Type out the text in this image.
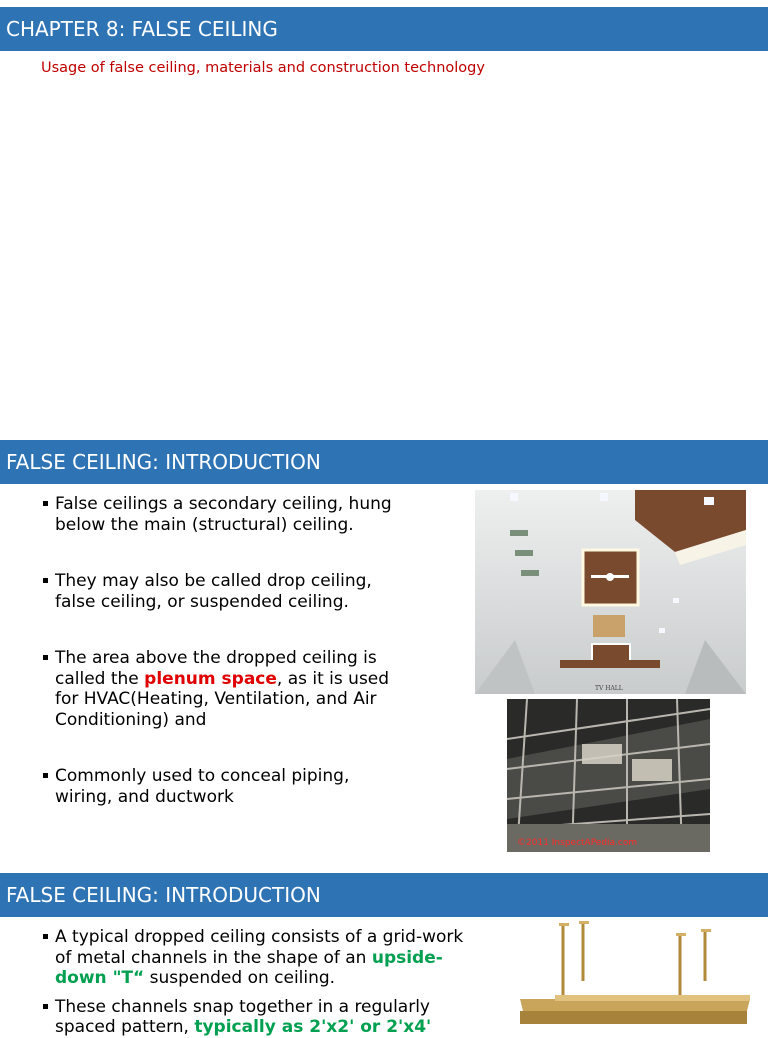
CHAPTER 8: FALSE CEILING
Usage of false ceiling, materials and construction technology
FALSE CEILING: INTRODUCTION
False ceilings a secondary ceiling, hung below the main (structural) ceiling.
They may also be called drop ceiling, false ceiling, or suspended ceiling.
The area above the dropped ceiling is called the plenum space, as it is used for HVAC(Heating, Ventilation, and Air Conditioning) and
Commonly used to conceal piping, wiring, and ductwork
TV HALL
©2011 InspectAPedia.com
FALSE CEILING: INTRODUCTION
A typical dropped ceiling consists of a grid-work of metal channels in the shape of an upside-down "T“ suspended on ceiling.
These channels snap together in a regularly spaced pattern, typically as 2'x2' or 2'x4'
